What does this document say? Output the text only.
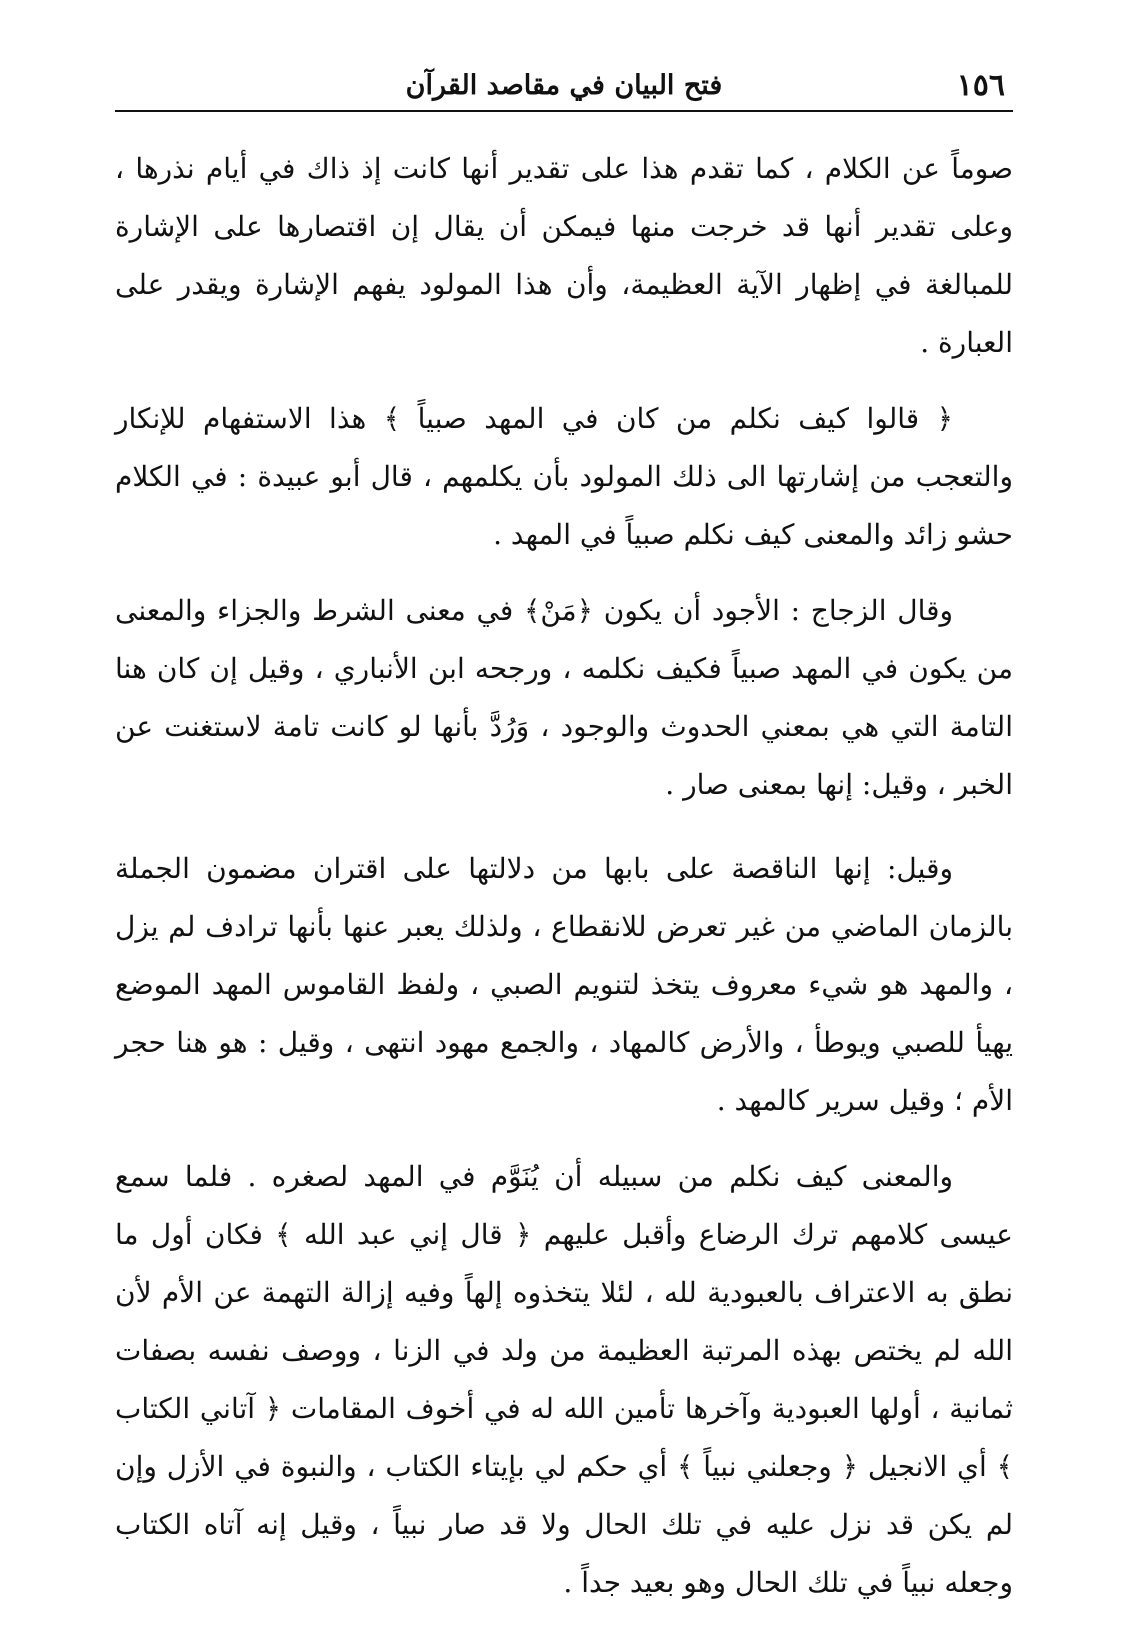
١٥٦
فتح البيان في مقاصد القرآن

صوماً عن الكلام ، كما تقدم هذا على تقدير أنها كانت إذ ذاك في أيام نذرها ، وعلى تقدير أنها قد خرجت منها فيمكن أن يقال إن اقتصارها على الإشارة للمبالغة في إظهار الآية العظيمة، وأن هذا المولود يفهم الإشارة ويقدر على العبارة .

﴿ قالوا كيف نكلم من كان في المهد صبياً ﴾ هذا الاستفهام للإنكار والتعجب من إشارتها الى ذلك المولود بأن يكلمهم ، قال أبو عبيدة : في الكلام حشو زائد والمعنى كيف نكلم صبياً في المهد .

وقال الزجاج : الأجود أن يكون ﴿مَنْ﴾ في معنى الشرط والجزاء والمعنى من يكون في المهد صبياً فكيف نكلمه ، ورجحه ابن الأنباري ، وقيل إن كان هنا التامة التي هي بمعني الحدوث والوجود ، وَرُدَّ بأنها لو كانت تامة لاستغنت عن الخبر ، وقيل: إنها بمعنى صار .

وقيل: إنها الناقصة على بابها من دلالتها على اقتران مضمون الجملة بالزمان الماضي من غير تعرض للانقطاع ، ولذلك يعبر عنها بأنها ترادف لم يزل ، والمهد هو شيء معروف يتخذ لتنويم الصبي ، ولفظ القاموس المهد الموضع يهيأ للصبي ويوطأ ، والأرض كالمهاد ، والجمع مهود انتهى ، وقيل : هو هنا حجر الأم ؛ وقيل سرير كالمهد .

والمعنى كيف نكلم من سبيله أن يُنَوَّم في المهد لصغره . فلما سمع عيسى كلامهم ترك الرضاع وأقبل عليهم ﴿ قال إني عبد الله ﴾ فكان أول ما نطق به الاعتراف بالعبودية لله ، لئلا يتخذوه إلهاً وفيه إزالة التهمة عن الأم لأن الله لم يختص بهذه المرتبة العظيمة من ولد في الزنا ، ووصف نفسه بصفات ثمانية ، أولها العبودية وآخرها تأمين الله له في أخوف المقامات ﴿ آتاني الكتاب ﴾ أي الانجيل ﴿ وجعلني نبياً ﴾ أي حكم لي بإيتاء الكتاب ، والنبوة في الأزل وإن لم يكن قد نزل عليه في تلك الحال ولا قد صار نبياً ، وقيل إنه آتاه الكتاب وجعله نبياً في تلك الحال وهو بعيد جداً .
